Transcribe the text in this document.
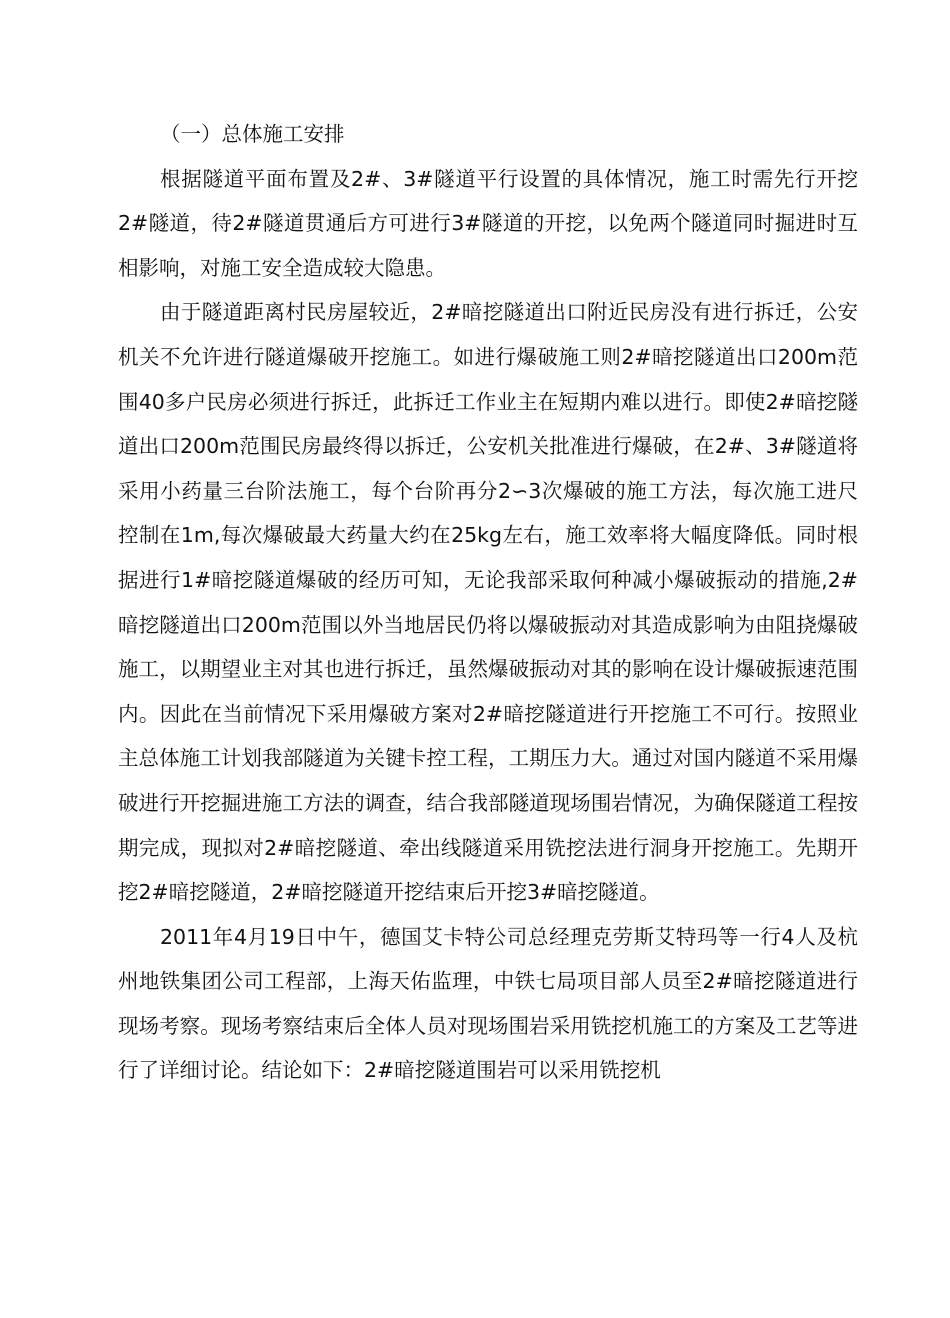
（一）总体施工安排

根据隧道平面布置及2#、3#隧道平行设置的具体情况，施工时需先行开挖2#隧道，待2#隧道贯通后方可进行3#隧道的开挖，以免两个隧道同时掘进时互相影响，对施工安全造成较大隐患。

由于隧道距离村民房屋较近，2#暗挖隧道出口附近民房没有进行拆迁，公安机关不允许进行隧道爆破开挖施工。如进行爆破施工则2#暗挖隧道出口200m范围40多户民房必须进行拆迁，此拆迁工作业主在短期内难以进行。即使2#暗挖隧道出口200m范围民房最终得以拆迁，公安机关批准进行爆破，在2#、3#隧道将采用小药量三台阶法施工，每个台阶再分2∽3次爆破的施工方法，每次施工进尺控制在1m,每次爆破最大药量大约在25kg左右，施工效率将大幅度降低。同时根据进行1#暗挖隧道爆破的经历可知，无论我部采取何种减小爆破振动的措施,2#暗挖隧道出口200m范围以外当地居民仍将以爆破振动对其造成影响为由阻挠爆破施工，以期望业主对其也进行拆迁，虽然爆破振动对其的影响在设计爆破振速范围内。因此在当前情况下采用爆破方案对2#暗挖隧道进行开挖施工不可行。按照业主总体施工计划我部隧道为关键卡控工程，工期压力大。通过对国内隧道不采用爆破进行开挖掘进施工方法的调查，结合我部隧道现场围岩情况，为确保隧道工程按期完成，现拟对2#暗挖隧道、牵出线隧道采用铣挖法进行洞身开挖施工。先期开挖2#暗挖隧道，2#暗挖隧道开挖结束后开挖3#暗挖隧道。

2011年4月19日中午，德国艾卡特公司总经理克劳斯艾特玛等一行4人及杭州地铁集团公司工程部，上海天佑监理，中铁七局项目部人员至2#暗挖隧道进行现场考察。现场考察结束后全体人员对现场围岩采用铣挖机施工的方案及工艺等进行了详细讨论。结论如下：2#暗挖隧道围岩可以采用铣挖机
